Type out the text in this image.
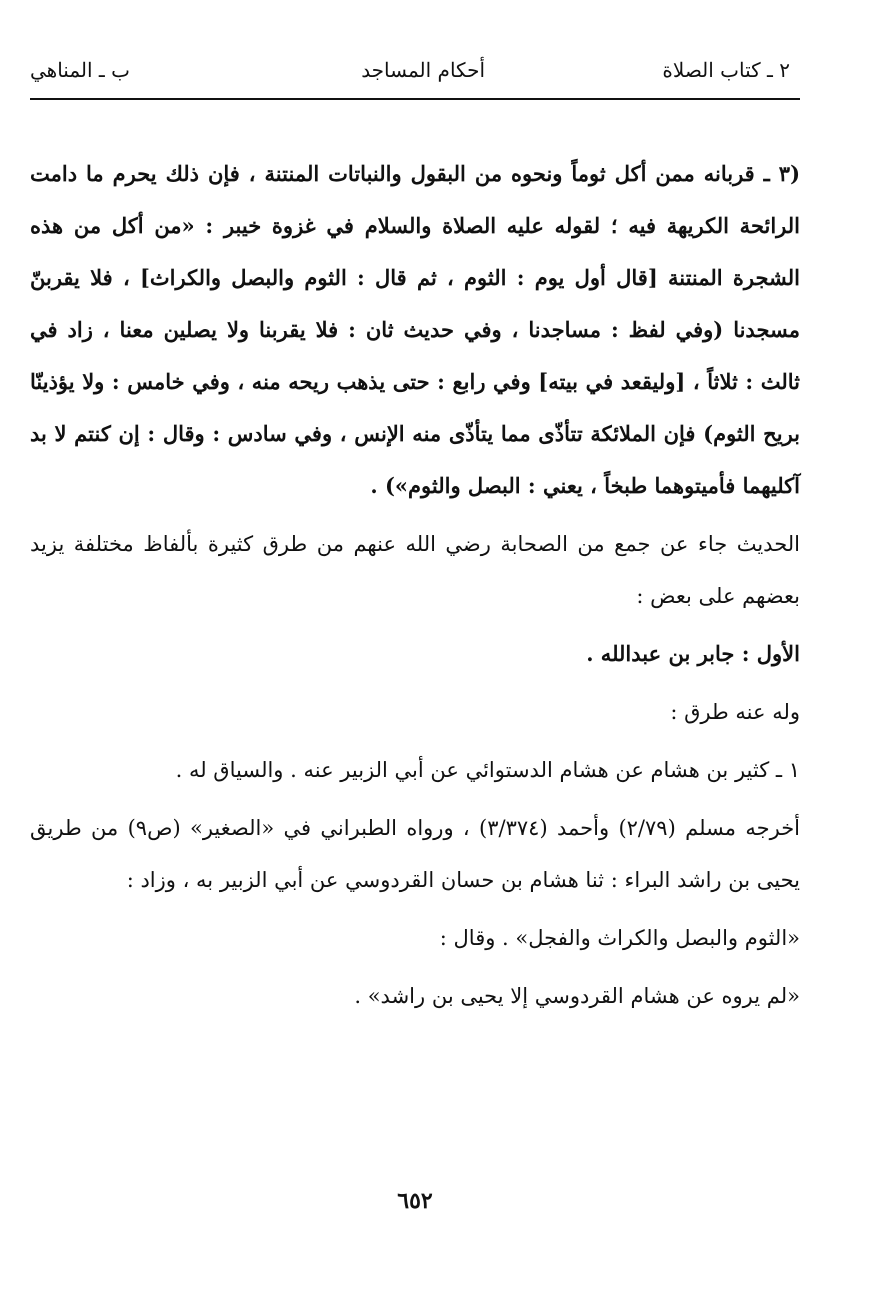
٢ ـ كتاب الصلاة
أحكام المساجد
ب ـ المناهي

(٣ ـ قربانه ممن أكل ثوماً ونحوه من البقول والنباتات المنتنة ، فإن ذلك يحرم ما دامت الرائحة الكريهة فيه ؛ لقوله عليه الصلاة والسلام في غزوة خيبر : «من أكل من هذه الشجرة المنتنة [قال أول يوم : الثوم ، ثم قال : الثوم والبصل والكراث] ، فلا يقربنّ مسجدنا (وفي لفظ : مساجدنا ، وفي حديث ثان : فلا يقربنا ولا يصلين معنا ، زاد في ثالث : ثلاثاً ، [وليقعد في بيته] وفي رابع : حتى يذهب ريحه منه ، وفي خامس : ولا يؤذينّا بريح الثوم) فإن الملائكة تتأذّى مما يتأذّى منه الإنس ، وفي سادس : وقال : إن كنتم لا بد آكليهما فأميتوهما طبخاً ، يعني : البصل والثوم») .

الحديث جاء عن جمع من الصحابة رضي الله عنهم من طرق كثيرة بألفاظ مختلفة يزيد بعضهم على بعض :

الأول : جابر بن عبدالله .

وله عنه طرق :

١ ـ كثير بن هشام عن هشام الدستوائي عن أبي الزبير عنه . والسياق له .

أخرجه مسلم (٢/٧٩) وأحمد (٣/٣٧٤) ، ورواه الطبراني في «الصغير» (ص٩) من طريق يحيى بن راشد البراء : ثنا هشام بن حسان القردوسي عن أبي الزبير به ، وزاد :

«الثوم والبصل والكراث والفجل» . وقال :

«لم يروه عن هشام القردوسي إلا يحيى بن راشد» .

٦٥٢
